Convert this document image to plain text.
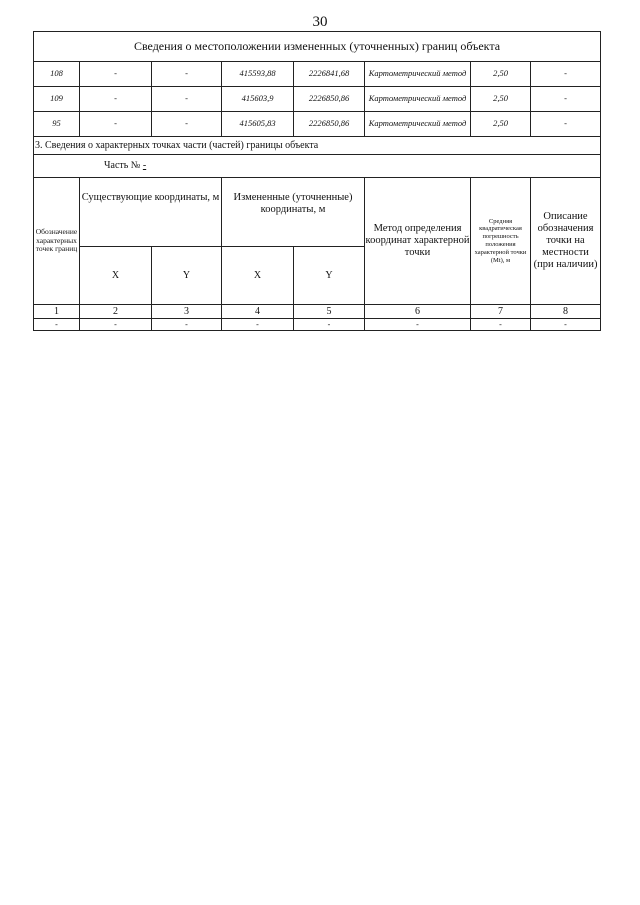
30
Сведения о местоположении измененных (уточненных) границ объекта							
108	-	-	415593,88	2226841,68	Картометрический метод	2,50	-
109	-	-	415603,9	2226850,86	Картометрический метод	2,50	-
95	-	-	415605,83	2226850,86	Картометрический метод	2,50	-
3. Сведения о характерных точках части (частей) границы объекта							
Часть № -							
Обозначение характерных точек границ	Существующие координаты, м		Измененные (уточненные) координаты, м		Метод определения координат характерной точки	Средняя квадратическая погрешность положения характерной точки (Mt), м	Описание обозначения точки на местности (при наличии)
	X	Y	X	Y			
1	2	3	4	5	6	7	8
-	-	-	-	-	-	-	-
